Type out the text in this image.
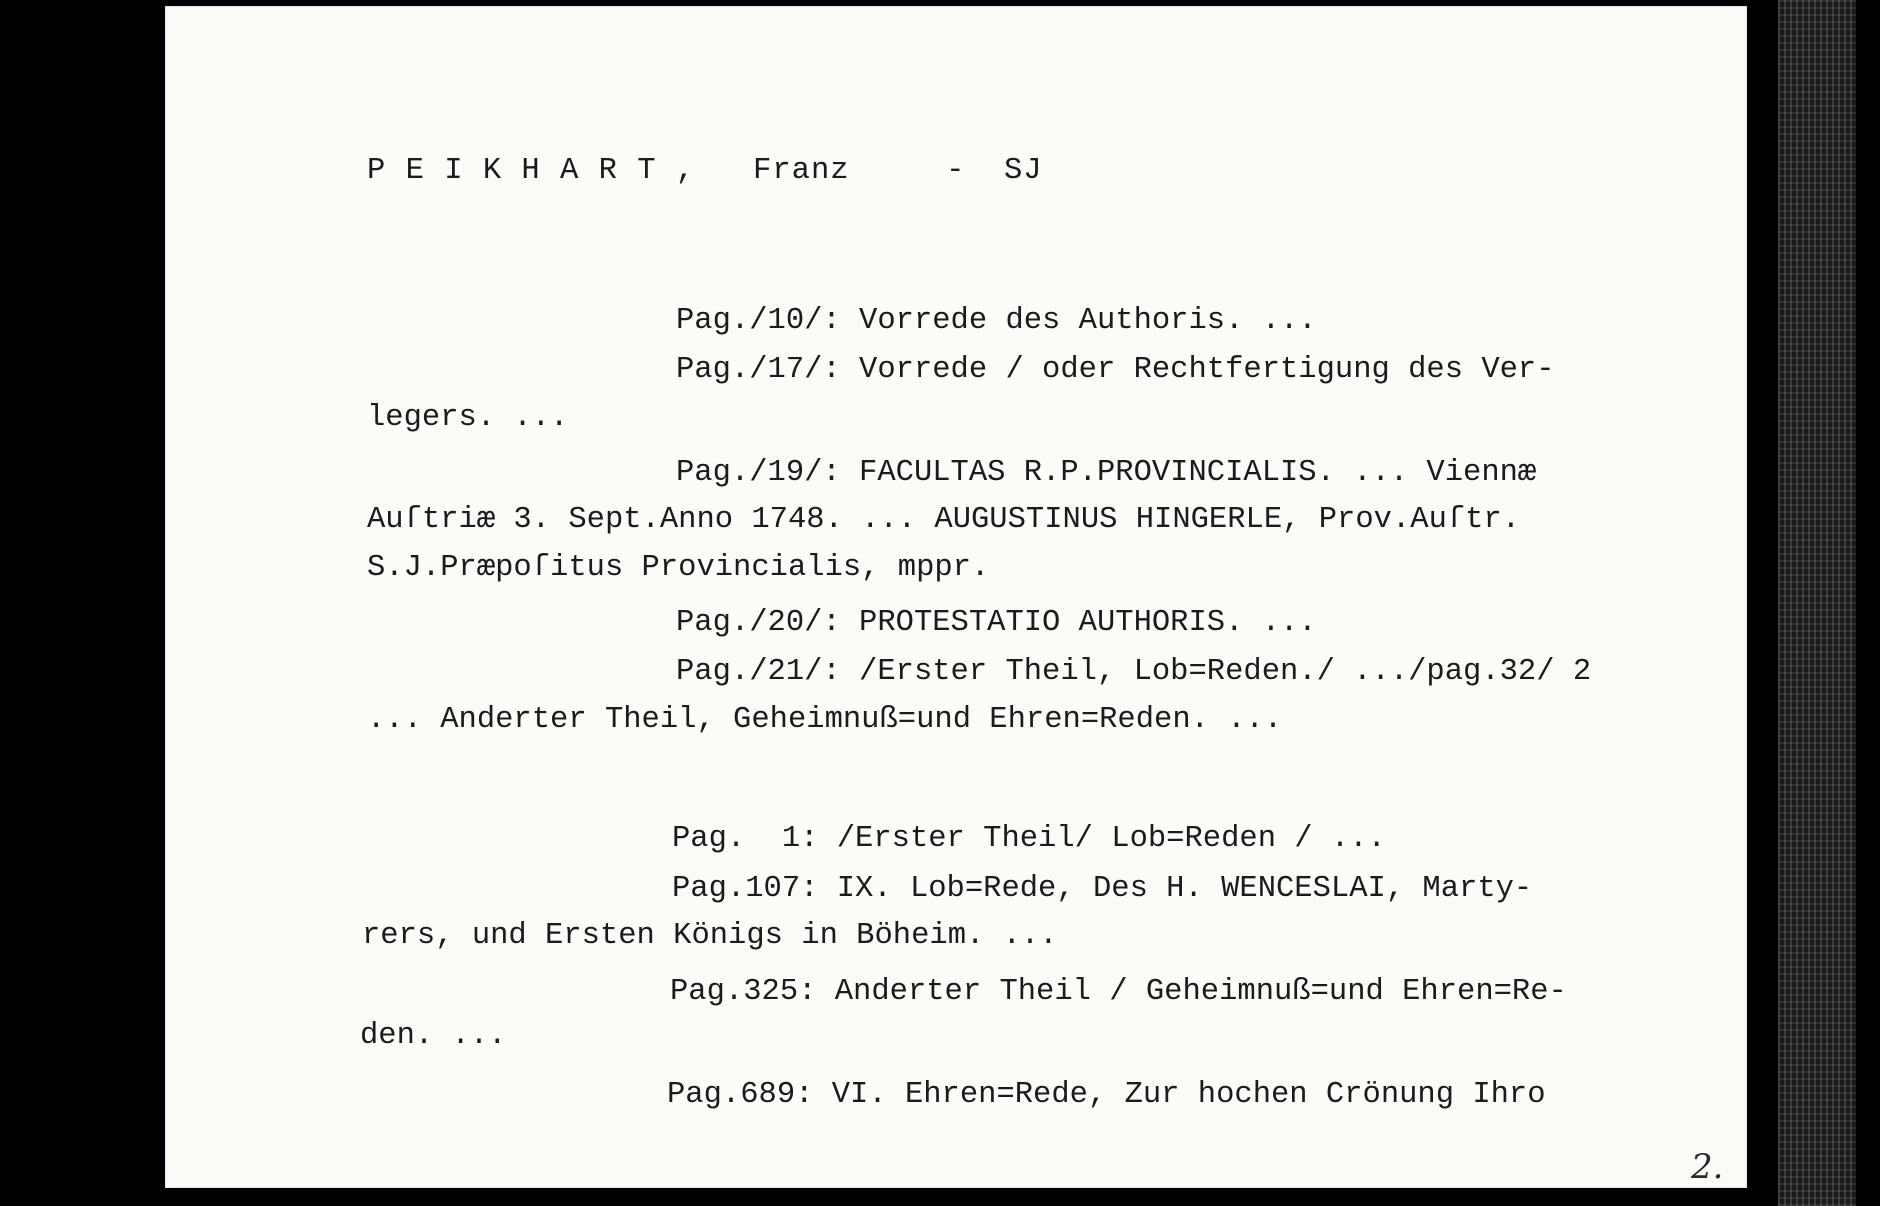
P E I K H A R T ,   Franz     -  SJ
Pag./10/: Vorrede des Authoris. ...
Pag./17/: Vorrede / oder Rechtfertigung des Ver-
legers. ...
Pag./19/: FACULTAS R.P.PROVINCIALIS. ... Viennæ
Auſtriæ 3. Sept.Anno 1748. ... AUGUSTINUS HINGERLE, Prov.Auſtr.
S.J.Præpoſitus Provincialis, mppr.
Pag./20/: PROTESTATIO AUTHORIS. ...
Pag./21/: /Erster Theil, Lob=Reden./ .../pag.32/ 2
... Anderter Theil, Geheimnuß=und Ehren=Reden. ...
Pag.  1: /Erster Theil/ Lob=Reden / ...
Pag.107: IX. Lob=Rede, Des H. WENCESLAI, Marty-
rers, und Ersten Königs in Böheim. ...
Pag.325: Anderter Theil / Geheimnuß=und Ehren=Re-
den. ...
Pag.689: VI. Ehren=Rede, Zur hochen Crönung Ihro
2.
